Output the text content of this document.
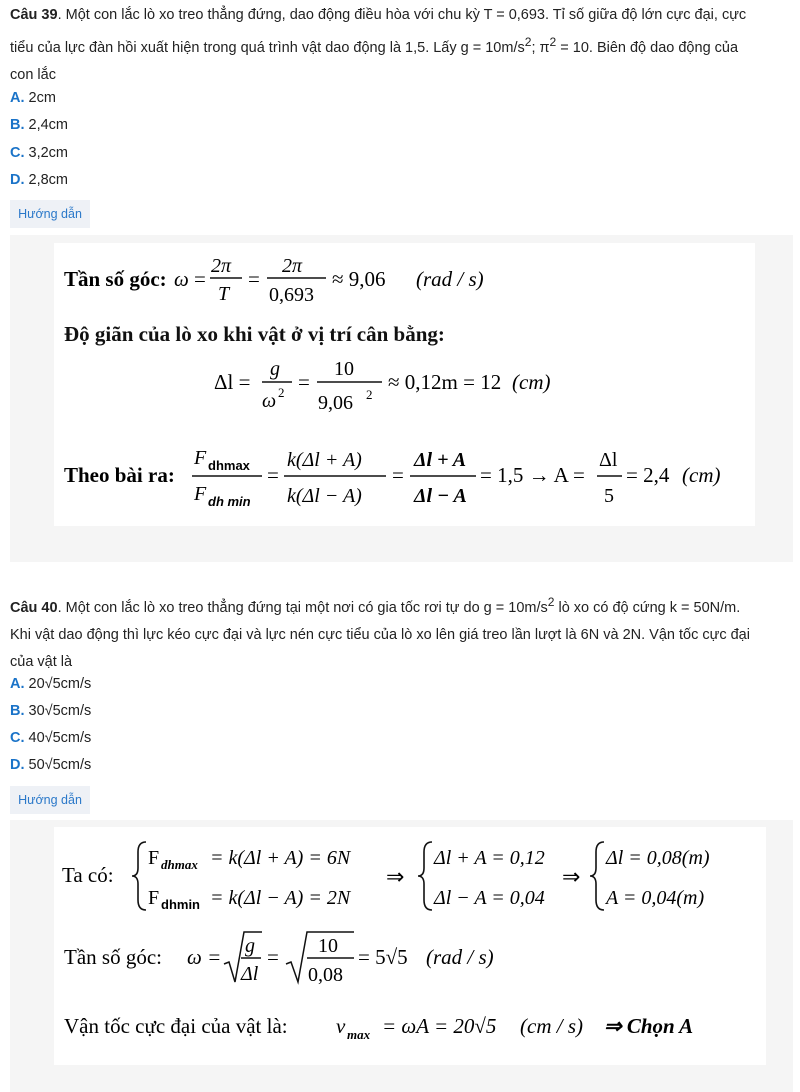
Câu 39. Một con lắc lò xo treo thẳng đứng, dao động điều hòa với chu kỳ T = 0,693. Tỉ số giữa độ lớn cực đại, cực
tiểu của lực đàn hồi xuất hiện trong quá trình vật dao động là 1,5. Lấy $g = 10m/s^2$; $\pi^2 = 10$. Biên độ dao động của
con lắc
A. 2cm
B. 2,4cm
C. 3,2cm
D. 2,8cm
Hướng dẫn
Tần số góc: ω =
2π
T
=
2π
0,693
≈ 9,06 (rad / s)
Độ giãn của lò xo khi vật ở vị trí cân bằng:
Δl =
g
ω 2 =
10
9,06 2
≈ 0,12m = 12 (cm)
Theo bài ra:
F dhmax
F dh min
=
k(Δl + A)
k(Δl − A)
=
Δl + A
Δl − A
= 1,5 → A =
Δl
5
= 2,4 (cm)
Câu 40. Một con lắc lò xo treo thẳng đứng tại một nơi có gia tốc rơi tự do $g = 10m/s^2$ lò xo có độ cứng k = 50N/m.
Khi vật dao động thì lực kéo cực đại và lực nén cực tiểu của lò xo lên giá treo lần lượt là 6N và 2N. Vận tốc cực đại
của vật là
A. 20√5cm/s
B. 30√5cm/s
C. 40√5cm/s
D. 50√5cm/s
Hướng dẫn
Ta có:
F dhmax = k(Δl + A) = 6N
F dhmin = k(Δl − A) = 2N
⇒
Δl + A = 0,12
Δl − A = 0,04
⇒
Δl = 0,08(m)
A = 0,04(m)
Tần số góc: ω = g
Δl
= 10
0,08
= 5√5 (rad / s)
Vận tốc cực đại của vật là: v max = ωA = 20√5 (cm / s) ⇒ Chọn A
